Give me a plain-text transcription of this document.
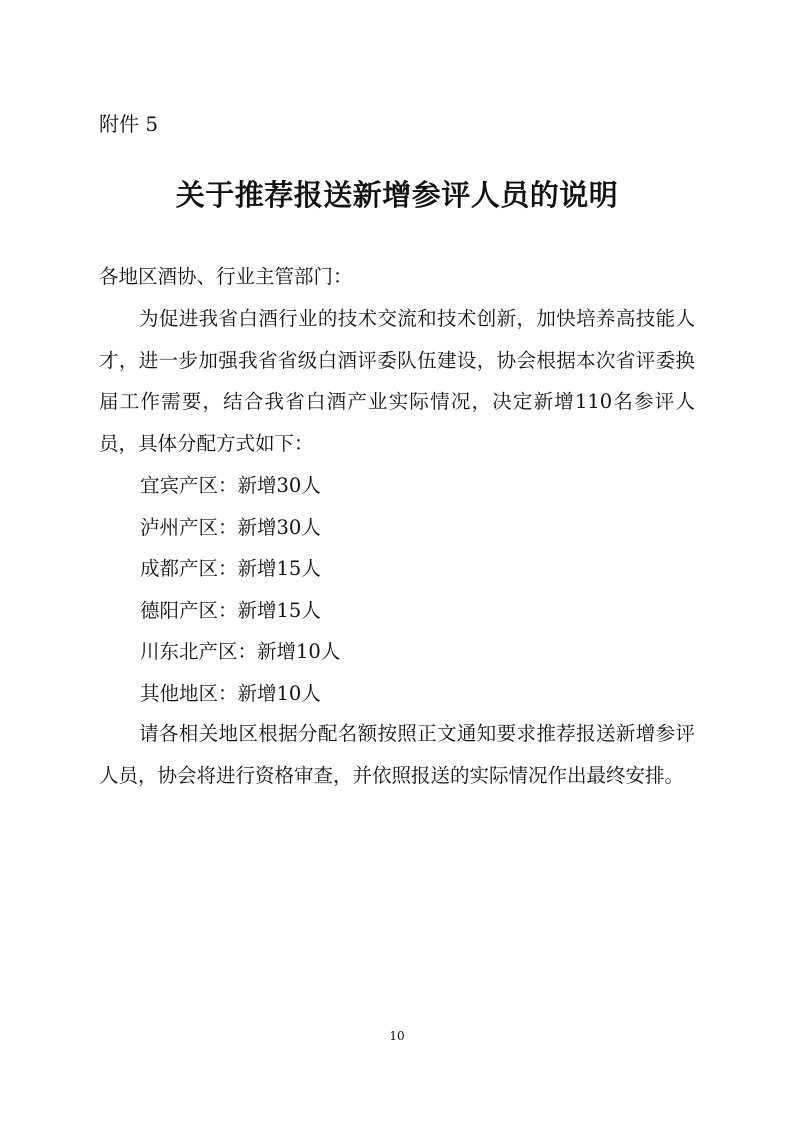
附件 5
关于推荐报送新增参评人员的说明
各地区酒协、行业主管部门：
为促进我省白酒行业的技术交流和技术创新，加快培养高技能人才，进一步加强我省省级白酒评委队伍建设，协会根据本次省评委换届工作需要，结合我省白酒产业实际情况，决定新增110名参评人员，具体分配方式如下：
宜宾产区：新增30人
泸州产区：新增30人
成都产区：新增15人
德阳产区：新增15人
川东北产区：新增10人
其他地区：新增10人
请各相关地区根据分配名额按照正文通知要求推荐报送新增参评人员，协会将进行资格审查，并依照报送的实际情况作出最终安排。
10
